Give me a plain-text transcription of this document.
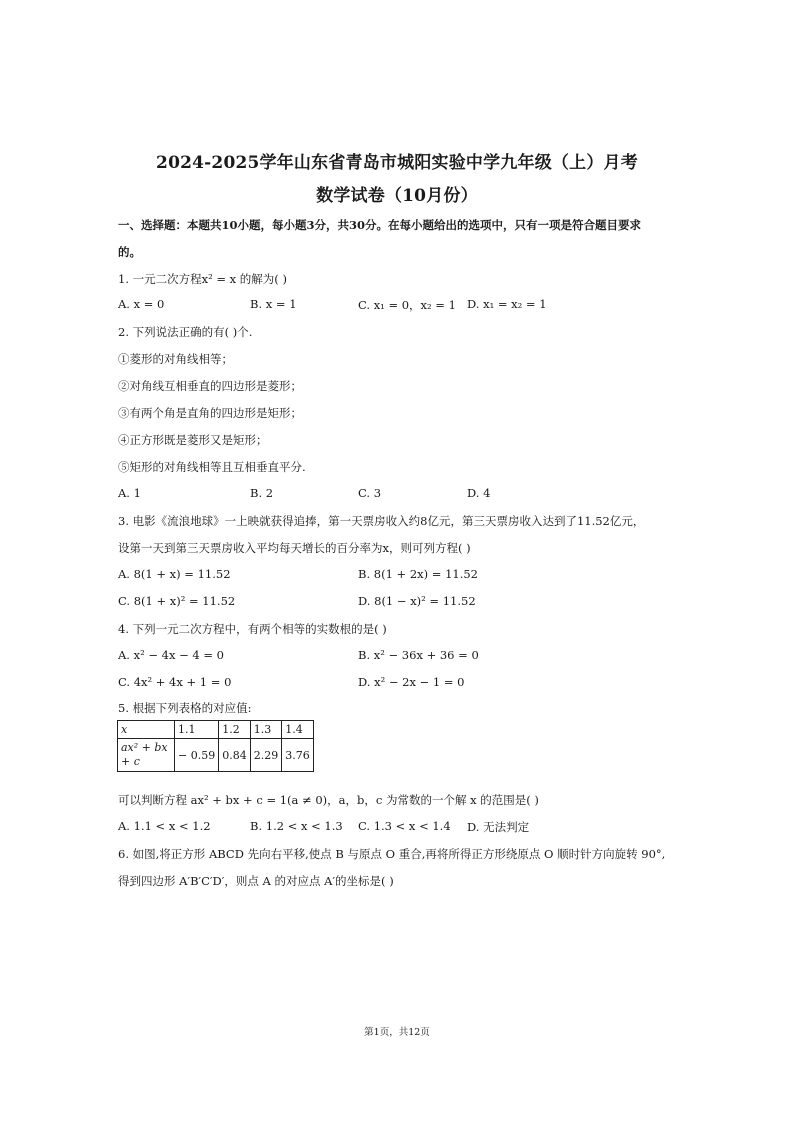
2024-2025学年山东省青岛市城阳实验中学九年级（上）月考
数学试卷（10月份）
一、选择题：本题共10小题，每小题3分，共30分。在每小题给出的选项中，只有一项是符合题目要求
的。
1. 一元二次方程x² = x 的解为( )
A. x = 0	B. x = 1	C. x₁ = 0，x₂ = 1 D. x₁ = x₂ = 1
2. 下列说法正确的有( )个.
①菱形的对角线相等；
②对角线互相垂直的四边形是菱形；
③有两个角是直角的四边形是矩形；
④正方形既是菱形又是矩形；
⑤矩形的对角线相等且互相垂直平分.
A. 1	B. 2	C. 3	D. 4
3. 电影《流浪地球》一上映就获得追捧，第一天票房收入约8亿元，第三天票房收入达到了11.52亿元，
设第一天到第三天票房收入平均每天增长的百分率为x，则可列方程( )
A. 8(1 + x) = 11.52	B. 8(1 + 2x) = 11.52
C. 8(1 + x)² = 11.52	D. 8(1 − x)² = 11.52
4. 下列一元二次方程中，有两个相等的实数根的是( )
A. x² − 4x − 4 = 0	B. x² − 36x + 36 = 0
C. 4x² + 4x + 1 = 0	D. x² − 2x − 1 = 0
5. 根据下列表格的对应值:
x	1.1	1.2	1.3	1.4

ax² + bx
+ c	− 0.59	0.84	2.29	3.76
可以判断方程 ax² + bx + c = 1(a ≠ 0)，a，b，c 为常数的一个解 x 的范围是( )
A. 1.1 < x < 1.2	B. 1.2 < x < 1.3 C. 1.3 < x < 1.4 D. 无法判定
6. 如图,将正方形 ABCD 先向右平移,使点 B 与原点 O 重合,再将所得正方形绕原点 O 顺时针方向旋转 90°,
得到四边形 A′B′C′D′，则点 A 的对应点 A′的坐标是( )
第1页，共12页
